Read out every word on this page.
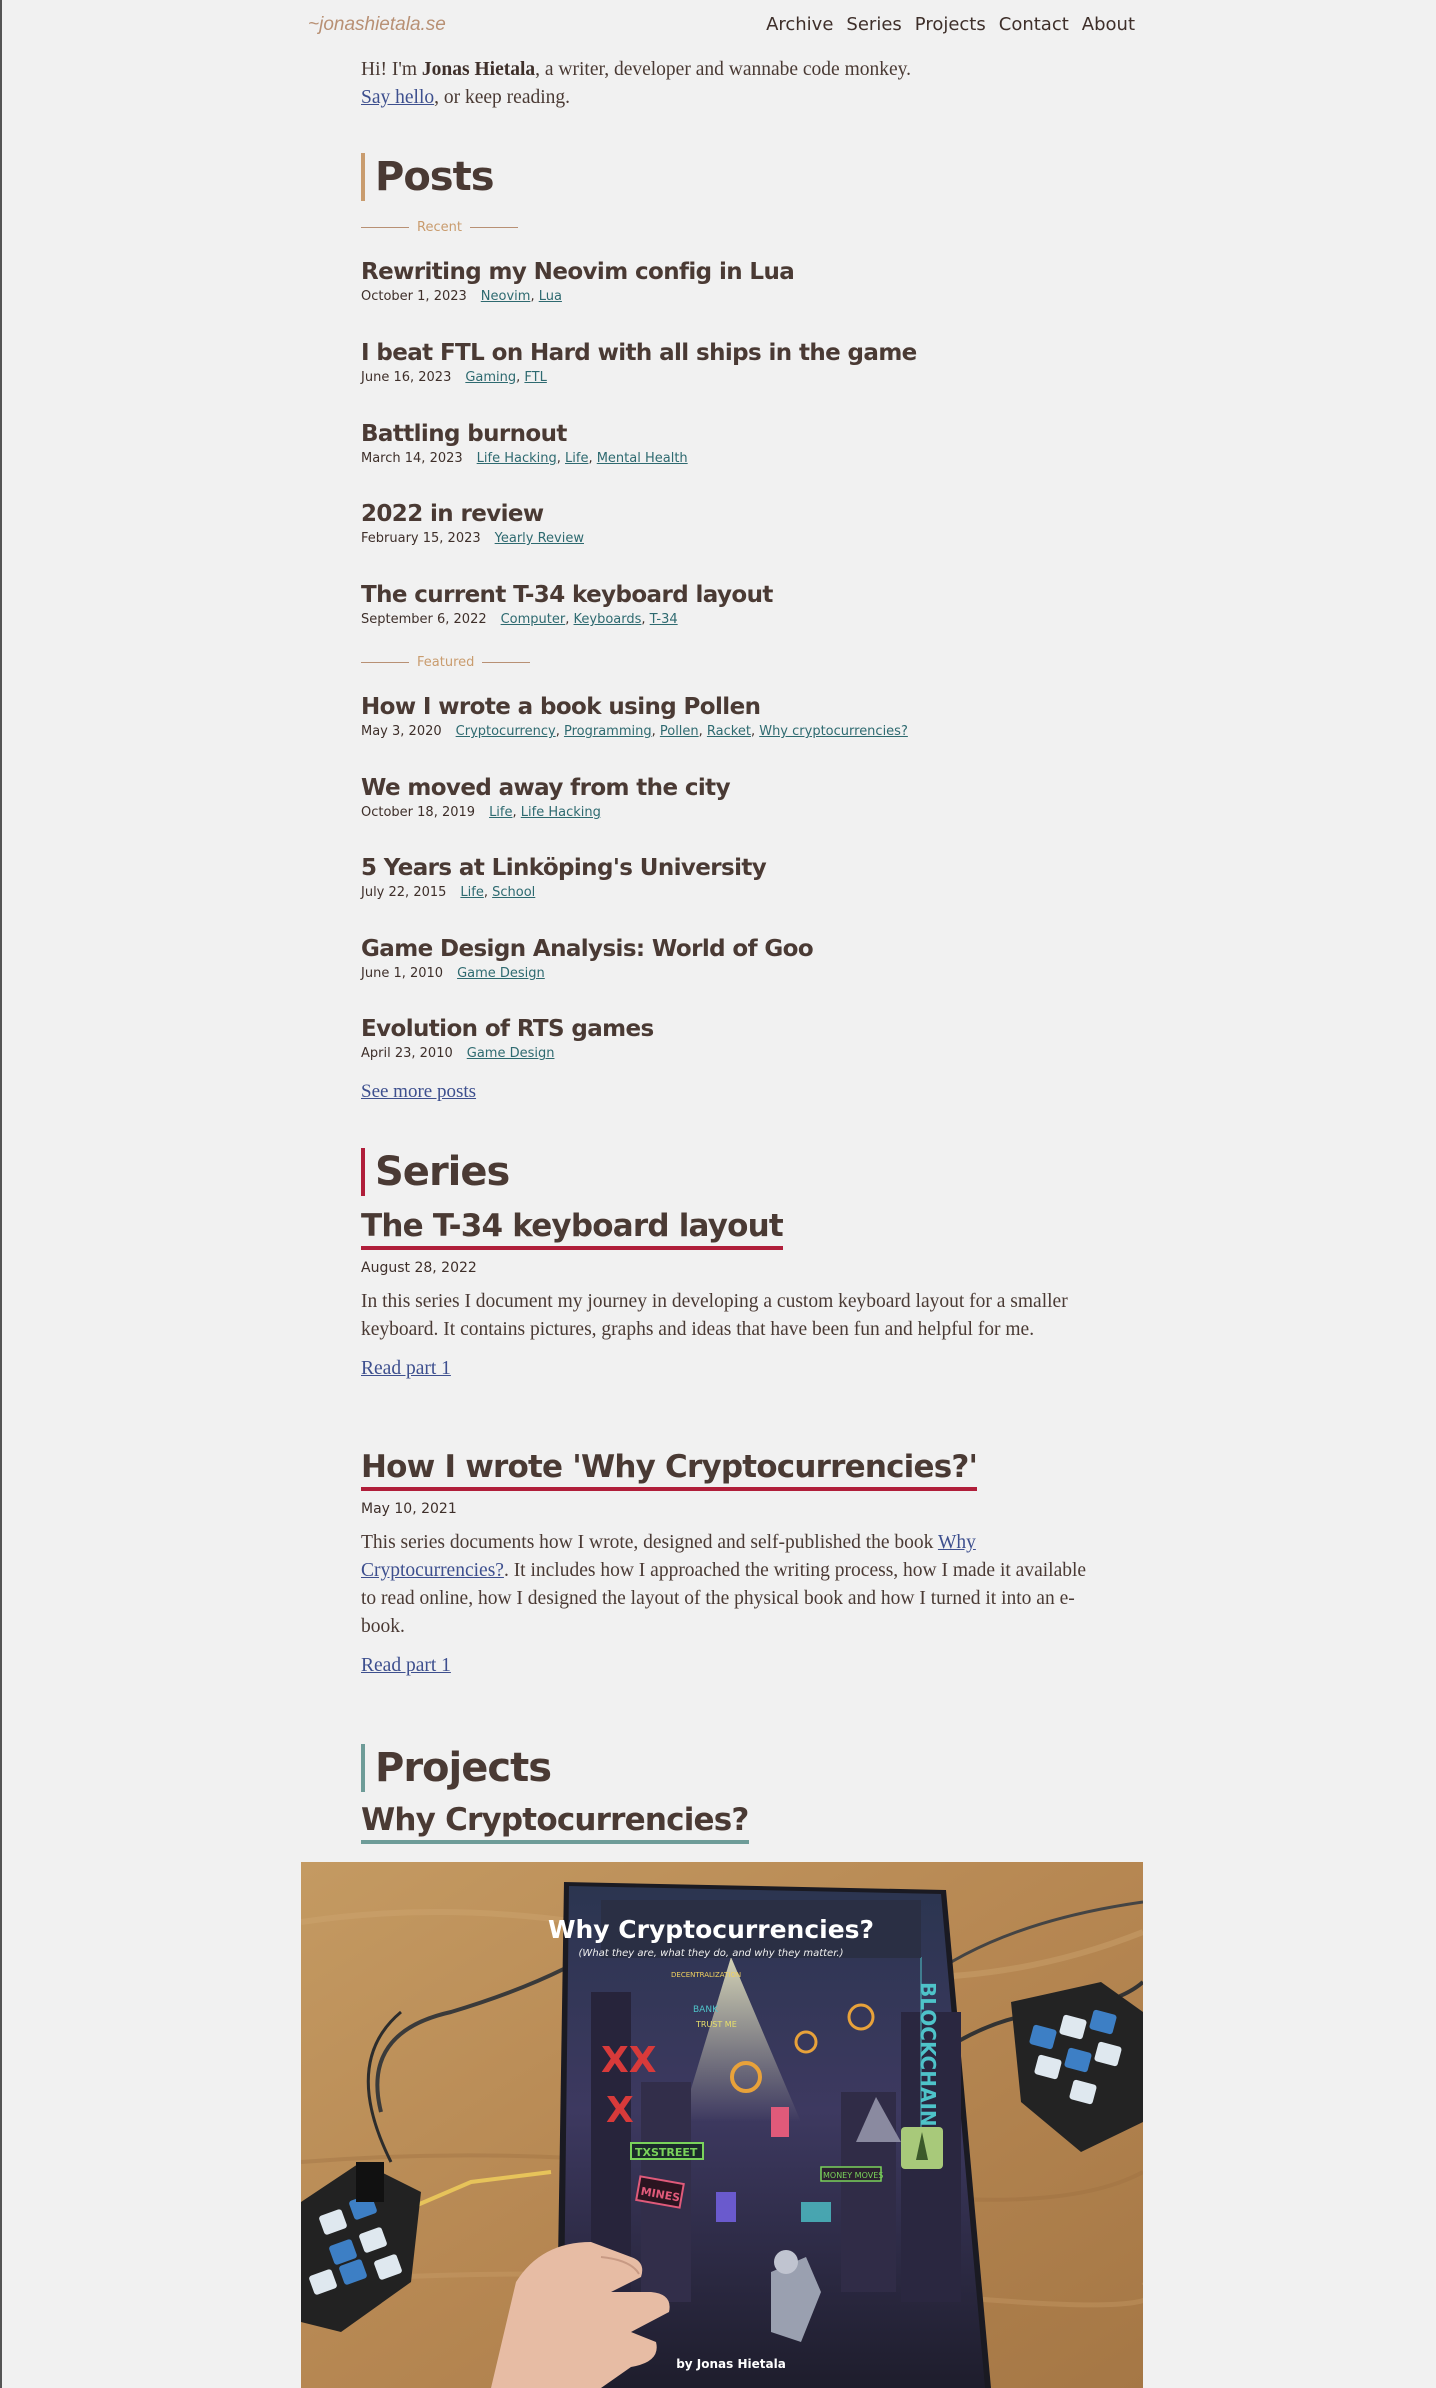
~jonashietala.se	Archive Series Projects Contact About
Hi! I'm Jonas Hietala, a writer, developer and wannabe code monkey.
Say hello, or keep reading.
Posts
Recent
Rewriting my Neovim config in Lua
October 1, 2023 Neovim, Lua
I beat FTL on Hard with all ships in the game
June 16, 2023 Gaming, FTL
Battling burnout
March 14, 2023 Life Hacking, Life, Mental Health
2022 in review
February 15, 2023 Yearly Review
The current T-34 keyboard layout
September 6, 2022 Computer, Keyboards, T-34
Featured
How I wrote a book using Pollen
May 3, 2020 Cryptocurrency, Programming, Pollen, Racket, Why cryptocurrencies?
We moved away from the city
October 18, 2019 Life, Life Hacking
5 Years at Linköping's University
July 22, 2015 Life, School
Game Design Analysis: World of Goo
June 1, 2010 Game Design
Evolution of RTS games
April 23, 2010 Game Design
See more posts
Series
The T-34 keyboard layout
August 28, 2022

In this series I document my journey in developing a custom keyboard layout for a smaller keyboard. It contains pictures, graphs and ideas that have been fun and helpful for me.

Read part 1
How I wrote 'Why Cryptocurrencies?'
May 10, 2021

This series documents how I wrote, designed and self-published the book Why Cryptocurrencies?. It includes how I approached the writing process, how I made it available to read online, how I designed the layout of the physical book and how I turned it into an e-book.

Read part 1
Projects
Why Cryptocurrencies?
XX
X
Why Cryptocurrencies?
(What they are, what they do, and why they matter.)
BLOCKCHAIN
TXSTREET
MINES
MONEY MOVES
BANK
TRUST ME
DECENTRALIZATION
by Jonas Hietala
